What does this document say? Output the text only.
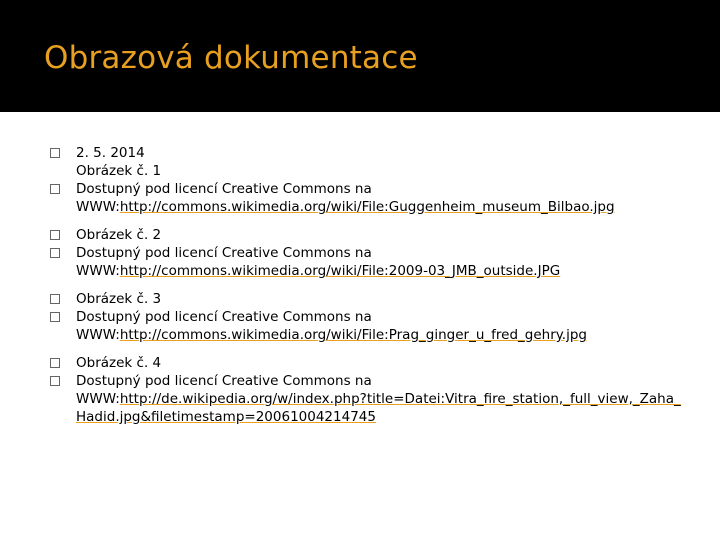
Obrazová dokumentace
2. 5. 2014
Obrázek č. 1
Dostupný pod licencí Creative Commons na
WWW:http://commons.wikimedia.org/wiki/File:Guggenheim_museum_Bilbao.jpg
Obrázek č. 2
Dostupný pod licencí Creative Commons na
WWW:http://commons.wikimedia.org/wiki/File:2009-03_JMB_outside.JPG
Obrázek č. 3
Dostupný pod licencí Creative Commons na
WWW:http://commons.wikimedia.org/wiki/File:Prag_ginger_u_fred_gehry.jpg
Obrázek č. 4
Dostupný pod licencí Creative Commons na
WWW:http://de.wikipedia.org/w/index.php?title=Datei:Vitra_fire_station,_full_view,_Zaha_Hadid.jpg&filetimestamp=20061004214745
